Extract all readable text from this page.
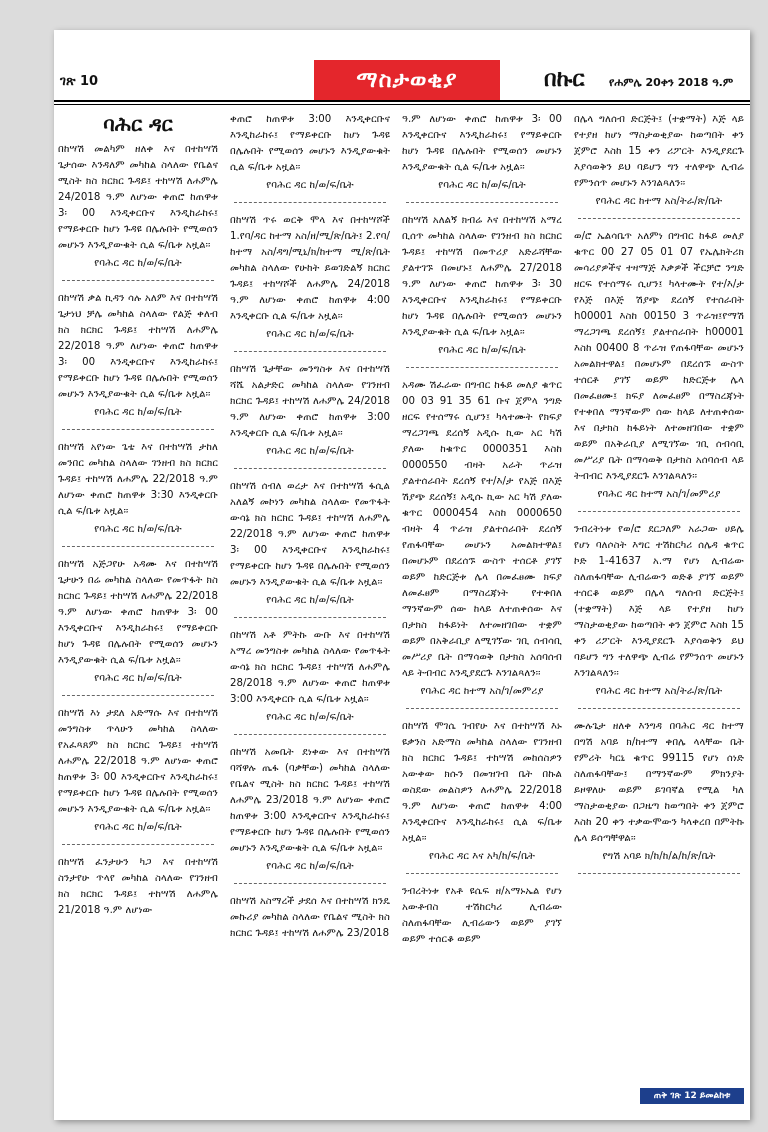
ገጽ 10	ማስታወቂያ	በኩር የሐምሌ 20ቀን 2018 ዓ.ም
ባሕር ዳር
በከሣሽ መልካም ዘለቀ እና በተከሣሽ ጌታሰው እንዳለም መካከል ስላለው የቤልና ሚስት ክስ ክርክር ጉዳይ፤ ተከሣሽ ለሐምሌ 24/2018 ዓ.ም ለሆነው ቀጠሮ ከጠዋቱ 3፡ 00 እንዲቀርቡና እንዲከራከሩ፤ የማይቀርቡ ከሆነ ጉዳዩ በሌሉበት የሚወሰን መሆኑን እንዲያውቁት ሲል ፍ/ቤቱ አዟል፡፡
የባሕር ዳር ከ/ወ/ፍ/ቤት
በከሣሽ ቃል ኪዳን ሳሉ አለም እና በተከሣሽ ጌታነህ ቻሌ መካከል ስላለው የልጅ ቀለብ ክስ ክርክር ጉዳይ፤ ተከሣሽ ለሐምሌ 22/2018 ዓ.ም ለሆነው ቀጠሮ ከጠዋቱ 3፡ 00 እንዲቀርቡና እንዲከራከሩ፤ የማይቀርቡ ከሆነ ጉዳዩ በሌሉበት የሚወሰን መሆኑን እንዲያውቁት ሲል ፍ/ቤቱ አዟል፡፡
የባሕር ዳር ከ/ወ/ፍ/ቤት
በከሣሽ አየነው ጌቴ እና በተከሣሽ ታከለ መንበር መካከል ስላለው ገንዘብ ክስ ክርክር ጉዳይ፤ ተከሣሽ ለሐምሌ 22/2018 ዓ.ም ለሆነው ቀጠሮ ከጠዋቱ 3:30 እንዲቀርቡ ሲል ፍ/ቤቱ አዟል፡፡
የባሕር ዳር ከ/ወ/ፍ/ቤት
በከሣሽ አጅጋየሁ አዳሙ እና በተከሣሽ ጌታሁን በሬ መካከል ስላለው የመጥፋት ክስ ክርክር ጉዳይ፤ ተከሣሽ ለሐምሌ 22/2018 ዓ.ም ለሆነው ቀጠሮ ከጠዋቱ 3፡ 00 እንዲቀርቡና እንዲከራከሩ፤ የማይቀርቡ ከሆነ ጉዳዩ በሌሉበት የሚወሰን መሆኑን እንዲያውቁት ሲል ፍ/ቤቱ አዟል፡፡
የባሕር ዳር ከ/ወ/ፍ/ቤት
በከሣሽ እነ ታደለ አድማሱ እና በተከሣሽ መንግስቱ ጥላሁን መካከል ስላለው የአፈጻጸም ክስ ክርክር ጉዳይ፤ ተከሣሽ ለሐምሌ 22/2018 ዓ.ም ለሆነው ቀጠሮ ከጠዋቱ 3፡ 00 እንዲቀርቡና እንዲከራከሩ፤ የማይቀርቡ ከሆነ ጉዳዩ በሌሉበት የሚወሰን መሆኑን እንዲያውቁት ሲል ፍ/ቤቱ አዟል፡፡
የባሕር ዳር ከ/ወ/ፍ/ቤት
በከሣሽ ፈንታሁን ካጋ እና በተከሣሽ ስንታየሁ ጥላየ መካከል ስላለው የገንዘብ ክስ ክርክር ጉዳይ፤ ተከሣሽ ለሐምሌ 21/2018 ዓ.ም ለሆነው
ቀጠሮ ከጠዋቱ 3:00 እንዲቀርቡና እንዲከራከሩ፤ የማይቀርቡ ከሆነ ጉዳዩ በሌሉበት የሚወሰን መሆኑን እንዲያውቁት ሲል ፍ/ቤቱ አዟል፡፡
የባሕር ዳር ከ/ወ/ፍ/ቤት
በከሣሽ ጥሩ ወርቅ ሞላ እና በተከሣሾች 1.የባ/ዳር ከተማ አስ/ዘ/ሚ/ጽ/ቤት፤ 2.የባ/ከተማ አስ/ዳግ/ሚኒ/ክ/ከተማ ሚ/ጽ/ቤት መካከል ስላለው የሁከት ይወገድልኝ ክርክር ጉዳይ፤ ተከሣሾች ለሐምሌ 24/2018 ዓ.ም ለሆነው ቀጠሮ ከጠዋቱ 4:00 እንዲቀርቡ ሲል ፍ/ቤቱ አዟል፡፡
የባሕር ዳር ከ/ወ/ፍ/ቤት
በከሣሽ ጌታቸው መንግስቱ እና በተከሣሽ ሻሼ አልታድር መካከል ስላለው የገንዘብ ክርክር ጉዳይ፤ ተከሣሽ ለሐምሌ 24/2018 ዓ.ም ለሆነው ቀጠሮ ከጠዋቱ 3:00 እንዲቀርቡ ሲል ፍ/ቤቱ አዟል፡፡
የባሕር ዳር ከ/ወ/ፍ/ቤት
በከሣሽ ሰብለ ወረታ እና በተከሣሽ ፋሲል አለልኝ መኮነን መካከል ስላለው የመጥፋት ውሳኔ ክስ ክርክር ጉዳይ፤ ተከሣሽ ለሐምሌ 22/2018 ዓ.ም ለሆነው ቀጠሮ ከጠዋቱ 3፡ 00 እንዲቀርቡና እንዲከራከሩ፤ የማይቀርቡ ከሆነ ጉዳዩ በሌሉበት የሚወሰን መሆኑን እንዲያውቁት ሲል ፍ/ቤቱ አዟል፡፡
የባሕር ዳር ከ/ወ/ፍ/ቤት
በከሣሽ አቶ ምትኩ ውቡ እና በተከሣሽ አማረ መንግስቱ መካከል ስላለው የመጥፋት ውሳኔ ክስ ክርክር ጉዳይ፤ ተከሣሽ ለሐምሌ 28/2018 ዓ.ም ለሆነው ቀጠሮ ከጠዋቱ 3:00 እንዲቀርቡ ሲል ፍ/ቤቱ አዟል፡፡
የባሕር ዳር ከ/ወ/ፍ/ቤት
በከሣሽ አመቤት ደነቀው እና በተከሣሽ ባሻዋሉ ጤፋ (ባቃቸው) መካከል ስላለው የቤልና ሚስት ክስ ክርክር ጉዳይ፤ ተከሣሽ ለሐምሌ 23/2018 ዓ.ም ለሆነው ቀጠሮ ከጠዋቱ 3:00 እንዲቀርቡና እንዲከራከሩ፤ የማይቀርቡ ከሆነ ጉዳዩ በሌሉበት የሚወሰን መሆኑን እንዲያውቁት ሲል ፍ/ቤቱ አዟል፡፡
የባሕር ዳር ከ/ወ/ፍ/ቤት
በከሣሽ አስማረች ታደሰ እና በተከሣሽ ክንዴ መኩሪያ መካከል ስላለው የቤልና ሚስት ክስ ክርክር ጉዳይ፤ ተከሣሽ ለሐምሌ 23/2018
ዓ.ም ለሆነው ቀጠሮ ከጠዋቱ 3፡ 00 እንዲቀርቡና እንዲከራከሩ፤ የማይቀርቡ ከሆነ ጉዳዩ በሌሉበት የሚወሰን መሆኑን እንዲያውቁት ሲል ፍ/ቤቱ አዟል፡፡
የባሕር ዳር ከ/ወ/ፍ/ቤት
በከሣሽ አለልኝ ክብሬ እና በተከሣሽ አማረ ቢሰጥ መካከል ስላለው የገንዘብ ክስ ክርክር ጉዳይ፤ ተከሣሽ በመጥሪያ አድራሻቸው ያልተገኙ በመሆኑ፤ ለሐምሌ 27/2018 ዓ.ም ለሆነው ቀጠሮ ከጠዋቱ 3፡ 30 እንዲቀርቡና እንዲከራከሩ፤ የማይቀርቡ ከሆነ ጉዳዩ በሌሉበት የሚወሰን መሆኑን እንዲያውቁት ሲል ፍ/ቤቱ አዟል፡፡
የባሕር ዳር ከ/ወ/ፍ/ቤት
አዳሙ ሽፈራው በግብር ከፋይ መለያ ቁጥር 00 03 91 35 61 ቡና ጀምላ ንግድ ዘርፍ የተሰማሩ ሲሆን፤ ካላተሙት የክፍያ ማረጋገጫ ደረሰኝ አዲሱ ኪው አር ካሽ ያለው ከቁጥር 0000351 እስከ 0000550 ብዛት አራት ጥራዝ ያልተሰራበት ደረሰኝ የተ/እ/ታ የአጅ በእጅ ሽያጭ ደረሰኝ፤ አዲሱ ኪው አር ካሽ ያለው ቁጥር 0000454 እስከ 0000650 ብዛት 4 ጥራዝ ያልተሰራበት ደረሰኝ የጠፋባቸው መሆኑን አመልክተዋል፤ በመሆኑም በደረሰኙ ውስጥ ተሰርቶ ያገኘ ወይም ከድርጅቱ ሌላ በመፈፀሙ ክፍያ ለመፈፀም በማስረጃነት የተቀበለ ማንኛውም ሰው ከላይ ለተጠቀሰው እና በታክስ ከፋይነት ለተመዘገበው ተቋም ወይም በአቅራቢያ ለሚገኘው ገቢ ሰብሳቢ መሥሪያ ቤት በማሳወቅ በታክስ አሰባሰብ ላይ ትብብር እንዲያደርጉ እንገልጻለን፡፡
የባሕር ዳር ከተማ አስ/ገ/መምሪያ
በከሣሽ ሞገሴ ገብየሁ እና በተከሣሽ እኑ ዩቃንስ አድማስ መካከል ስላለው የገንዘብ ክስ ክርክር ጉዳይ፤ ተከሣሽ መከሰስዎን አውቀው ክሱን በመዝገብ ቤት በኩል ወስደው መልስዎን ለሐምሌ 22/2018 ዓ.ም ለሆነው ቀጠሮ ከጠዋቱ 4:00 እንዲቀርቡና እንዲከራከሩ፤ ሲል ፍ/ቤቱ አዟል፡፡
የባሕር ዳር እና አካ/ከ/ፍ/ቤት
ንብረትነቱ የአቶ ዩሴፍ ዘ/አማኑኤል የሆነ አውቶብስ ተሽከርካሪ ሊብሬው ስለጠፋባቸው ሊብሬውን ወይም ያገኘ ወይም ተሰርቆ ወይም
በሌላ ግለሰብ ድርጅት፤ (ተቋማት) እጅ ላይ የተያዘ ከሆነ ማስታወቂያው ከወጣበት ቀን ጀምሮ እስከ 15 ቀን ሪፖርት እንዲያደርጉ እያሳወቅን ይህ ባይሆን ግን ተለዋጭ ሊብሬ የምንሰጥ መሆኑን እንገልጻለን፡፡
የባሕር ዳር ከተማ አስ/ትራ/ጽ/ቤት
ወ/ሮ ኤልሳቤጥ አለምነ በግብር ከፋይ መለያ ቁጥር 00 27 05 01 07 የኤሌክትሪክ መሳሪያዎችና ተዛማጅ እቃዎች ችርቻሮ ንግድ ዘርፍ የተሰማሩ ሲሆን፤ ካላተሙት የተ/እ/ታ የእጅ በእጅ ሽያጭ ደረሰኝ የተሰራበት h00001 እስከ 00150 3 ጥራዝ፤የማሽ ማረጋገጫ ደረሰኝ፤ ያልተሰራበት h00001 እስከ 00400 8 ጥራዝ የጠፋባቸው መሆኑን አመልክተዋል፤ በመሆኑም በደረሰኙ ውስጥ ተሰርቶ ያገኘ ወይም ከድርጅቱ ሌላ በመፈፀሙ፤ ክፍያ ለመፈፀም በማስረጃነት የተቀበለ ማንኛውም ሰው ከላይ ለተጠቀሰው እና በታክስ ከፋይነት ለተመዘገበው ተቋም ወይም በአቅራቢያ ለሚገኘው ገቢ ሰብሳቢ መሥሪያ ቤት በማሳወቅ በታክስ አሰባሰብ ላይ ትብብር እንዲያደርጉ እንገልጻለን፡፡
የባሕር ዳር ከተማ አስ/ገ/መምሪያ
ንብረትነቱ የወ/ሮ ደርጋለም አራጋው ሀይሌ የሆነ ባለሶስት እግር ተሽከርካሪ ሰሌዳ ቁጥር ኮድ 1-41637 አ.ማ የሆነ ሊብሬው ስለጠፋባቸው ሊብሬውን ወድቆ ያገኘ ወይም ተሰርቆ ወይም በሌላ ግለሰብ ድርጅት፤ (ተቋማት) እጅ ላይ የተያዘ ከሆነ ማስታወቂያው ከወጣበት ቀን ጀምሮ እስከ 15 ቀን ሪፖርት እንዲያደርጉ እያሳወቅን ይህ ባይሆን ግን ተለዋጭ ሊብሬ የምንሰጥ መሆኑን እንገልጻለን፡፡
የባሕር ዳር ከተማ አስ/ትራ/ጽ/ቤት
ሙሉጌታ ዘለቀ እንግዳ በባሕር ዳር ከተማ በግሽ አባይ ክ/ከተማ ቀበሌ ላላቸው ቤት የምሪት ካርኒ ቁጥር 99115 የሆነ ሰነድ ስለጠፋባቸው፤ በማንኛውም ምክንያት ይዞዋለሁ ወይም ይገባኛል የሚል ካለ ማስታወቂያው በጋዜጣ ከወጣበት ቀን ጀምሮ እስከ 20 ቀን ተቃውሞውን ካላቀረበ በምትኩ ሌላ ይሰጣቸዋል፡፡
የግሽ አባይ ክ/ከ/ከ/ል/ከ/ጽ/ቤት
ጠቅ ገጽ 12 ይመልከቱ
